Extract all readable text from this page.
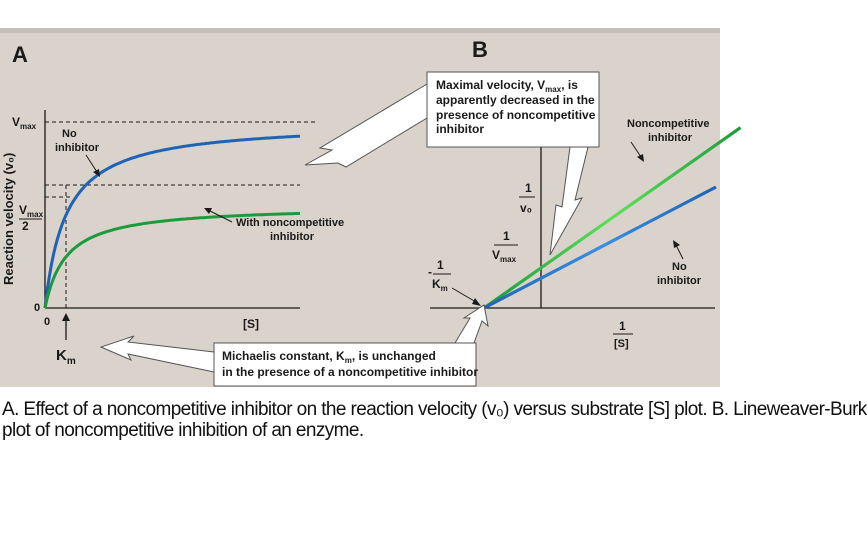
A
Reaction velocity (v₀)
$V_{max}$
$V_{max}$
2
0
0	[S]
$K_m$
No inhibitor
With noncompetitive inhibitor
B
1
v₀
1
$V_{max}$
- 1
$K_m$
1
[S]
Noncompetitive inhibitor
No inhibitor
Maximal velocity, $V_{max}$, is apparently decreased in the presence of noncompetitive inhibitor
Michaelis constant, $K_m$, is unchanged in the presence of a noncompetitive inhibitor
A. Effect of a noncompetitive inhibitor on the reaction velocity (v₀) versus substrate [S] plot. B. Lineweaver-Burk
plot of noncompetitive inhibition of an enzyme.
